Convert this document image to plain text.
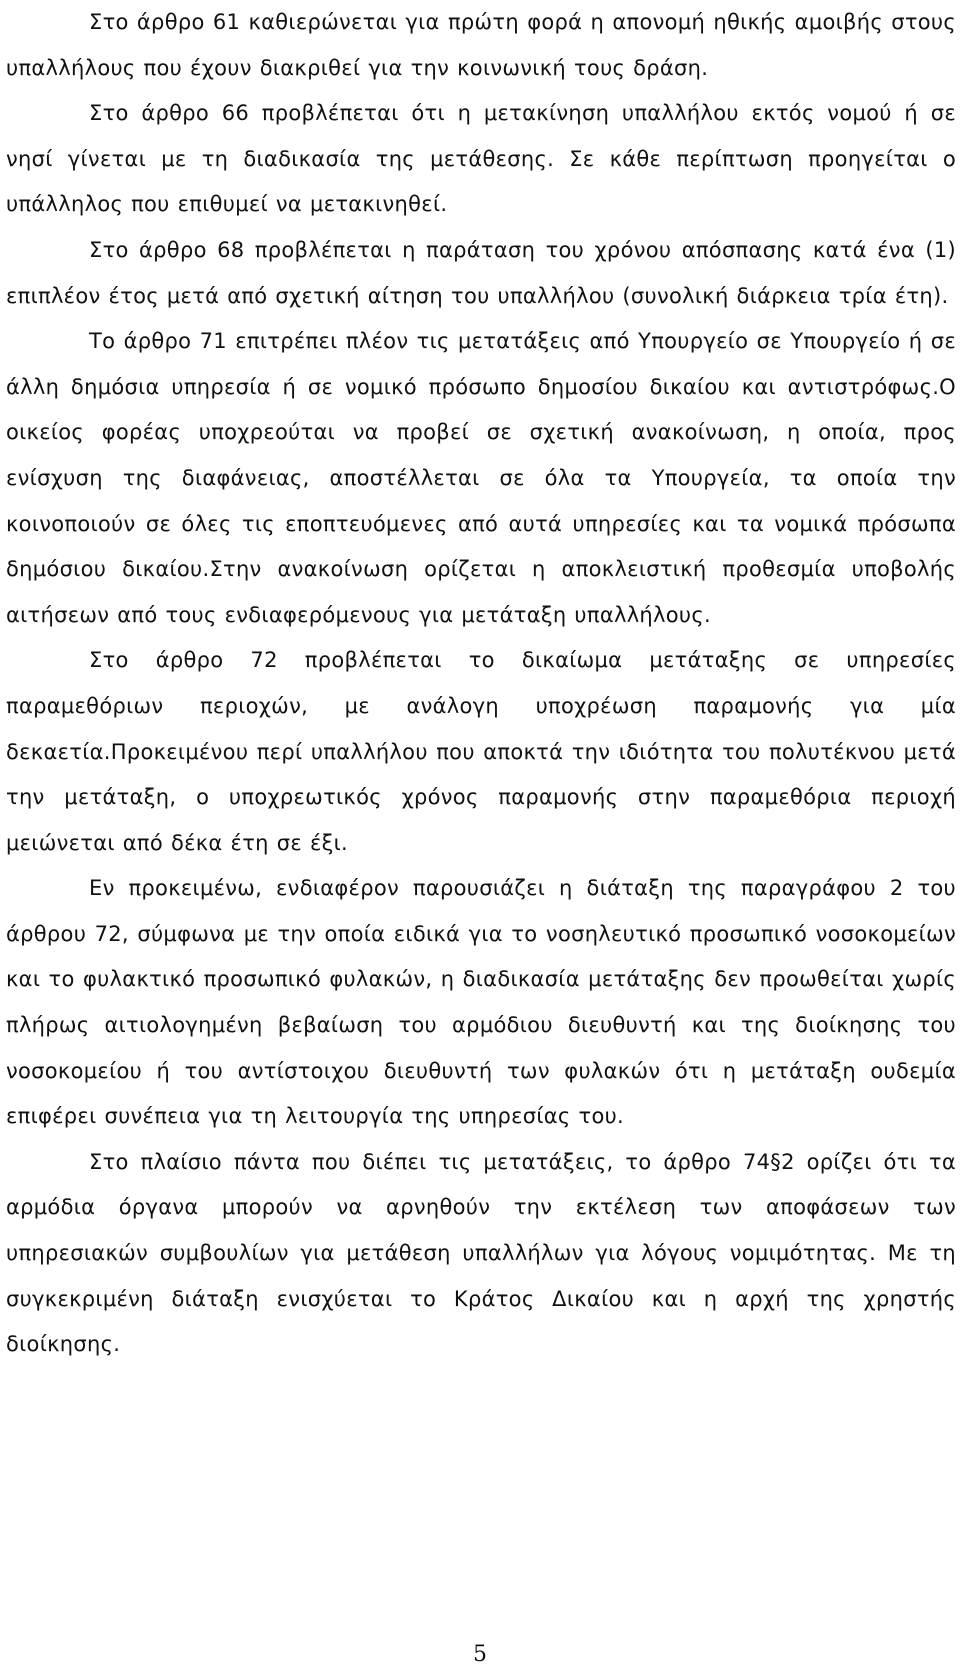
Στο άρθρο 61 καθιερώνεται για πρώτη φορά η απονομή ηθικής αμοιβής στους υπαλλήλους που έχουν διακριθεί για την κοινωνική τους δράση.

Στο άρθρο 66 προβλέπεται ότι η μετακίνηση υπαλλήλου εκτός νομού ή σε νησί γίνεται με τη διαδικασία της μετάθεσης. Σε κάθε περίπτωση προηγείται ο υπάλληλος που επιθυμεί να μετακινηθεί.

Στο άρθρο 68 προβλέπεται η παράταση του χρόνου απόσπασης κατά ένα (1) επιπλέον έτος μετά από σχετική αίτηση του υπαλλήλου (συνολική διάρκεια τρία έτη).

Το άρθρο 71 επιτρέπει πλέον τις μετατάξεις από Υπουργείο σε Υπουργείο ή σε άλλη δημόσια υπηρεσία ή σε νομικό πρόσωπο δημοσίου δικαίου και αντιστρόφως.Ο οικείος φορέας υποχρεούται να προβεί σε σχετική ανακοίνωση, η οποία, προς ενίσχυση της διαφάνειας, αποστέλλεται σε όλα τα Υπουργεία, τα οποία την κοινοποιούν σε όλες τις εποπτευόμενες από αυτά υπηρεσίες και τα νομικά πρόσωπα δημόσιου δικαίου.Στην ανακοίνωση ορίζεται η αποκλειστική προθεσμία υποβολής αιτήσεων από τους ενδιαφερόμενους για μετάταξη υπαλλήλους.

Στο άρθρο 72 προβλέπεται το δικαίωμα μετάταξης σε υπηρεσίες παραμεθόριων περιοχών, με ανάλογη υποχρέωση παραμονής για μία δεκαετία.Προκειμένου περί υπαλλήλου που αποκτά την ιδιότητα του πολυτέκνου μετά την μετάταξη, ο υποχρεωτικός χρόνος παραμονής στην παραμεθόρια περιοχή μειώνεται από δέκα έτη σε έξι.

Εν προκειμένω, ενδιαφέρον παρουσιάζει η διάταξη της παραγράφου 2 του άρθρου 72, σύμφωνα με την οποία ειδικά για το νοσηλευτικό προσωπικό νοσοκομείων και το φυλακτικό προσωπικό φυλακών, η διαδικασία μετάταξης δεν προωθείται χωρίς πλήρως αιτιολογημένη βεβαίωση του αρμόδιου διευθυντή και της διοίκησης του νοσοκομείου ή του αντίστοιχου διευθυντή των φυλακών ότι η μετάταξη ουδεμία επιφέρει συνέπεια για τη λειτουργία της υπηρεσίας του.

Στο πλαίσιο πάντα που διέπει τις μετατάξεις, το άρθρο 74§2 ορίζει ότι τα αρμόδια όργανα μπορούν να αρνηθούν την εκτέλεση των αποφάσεων των υπηρεσιακών συμβουλίων για μετάθεση υπαλλήλων για λόγους νομιμότητας. Με τη συγκεκριμένη διάταξη ενισχύεται το Κράτος Δικαίου και η αρχή της χρηστής διοίκησης.

5
